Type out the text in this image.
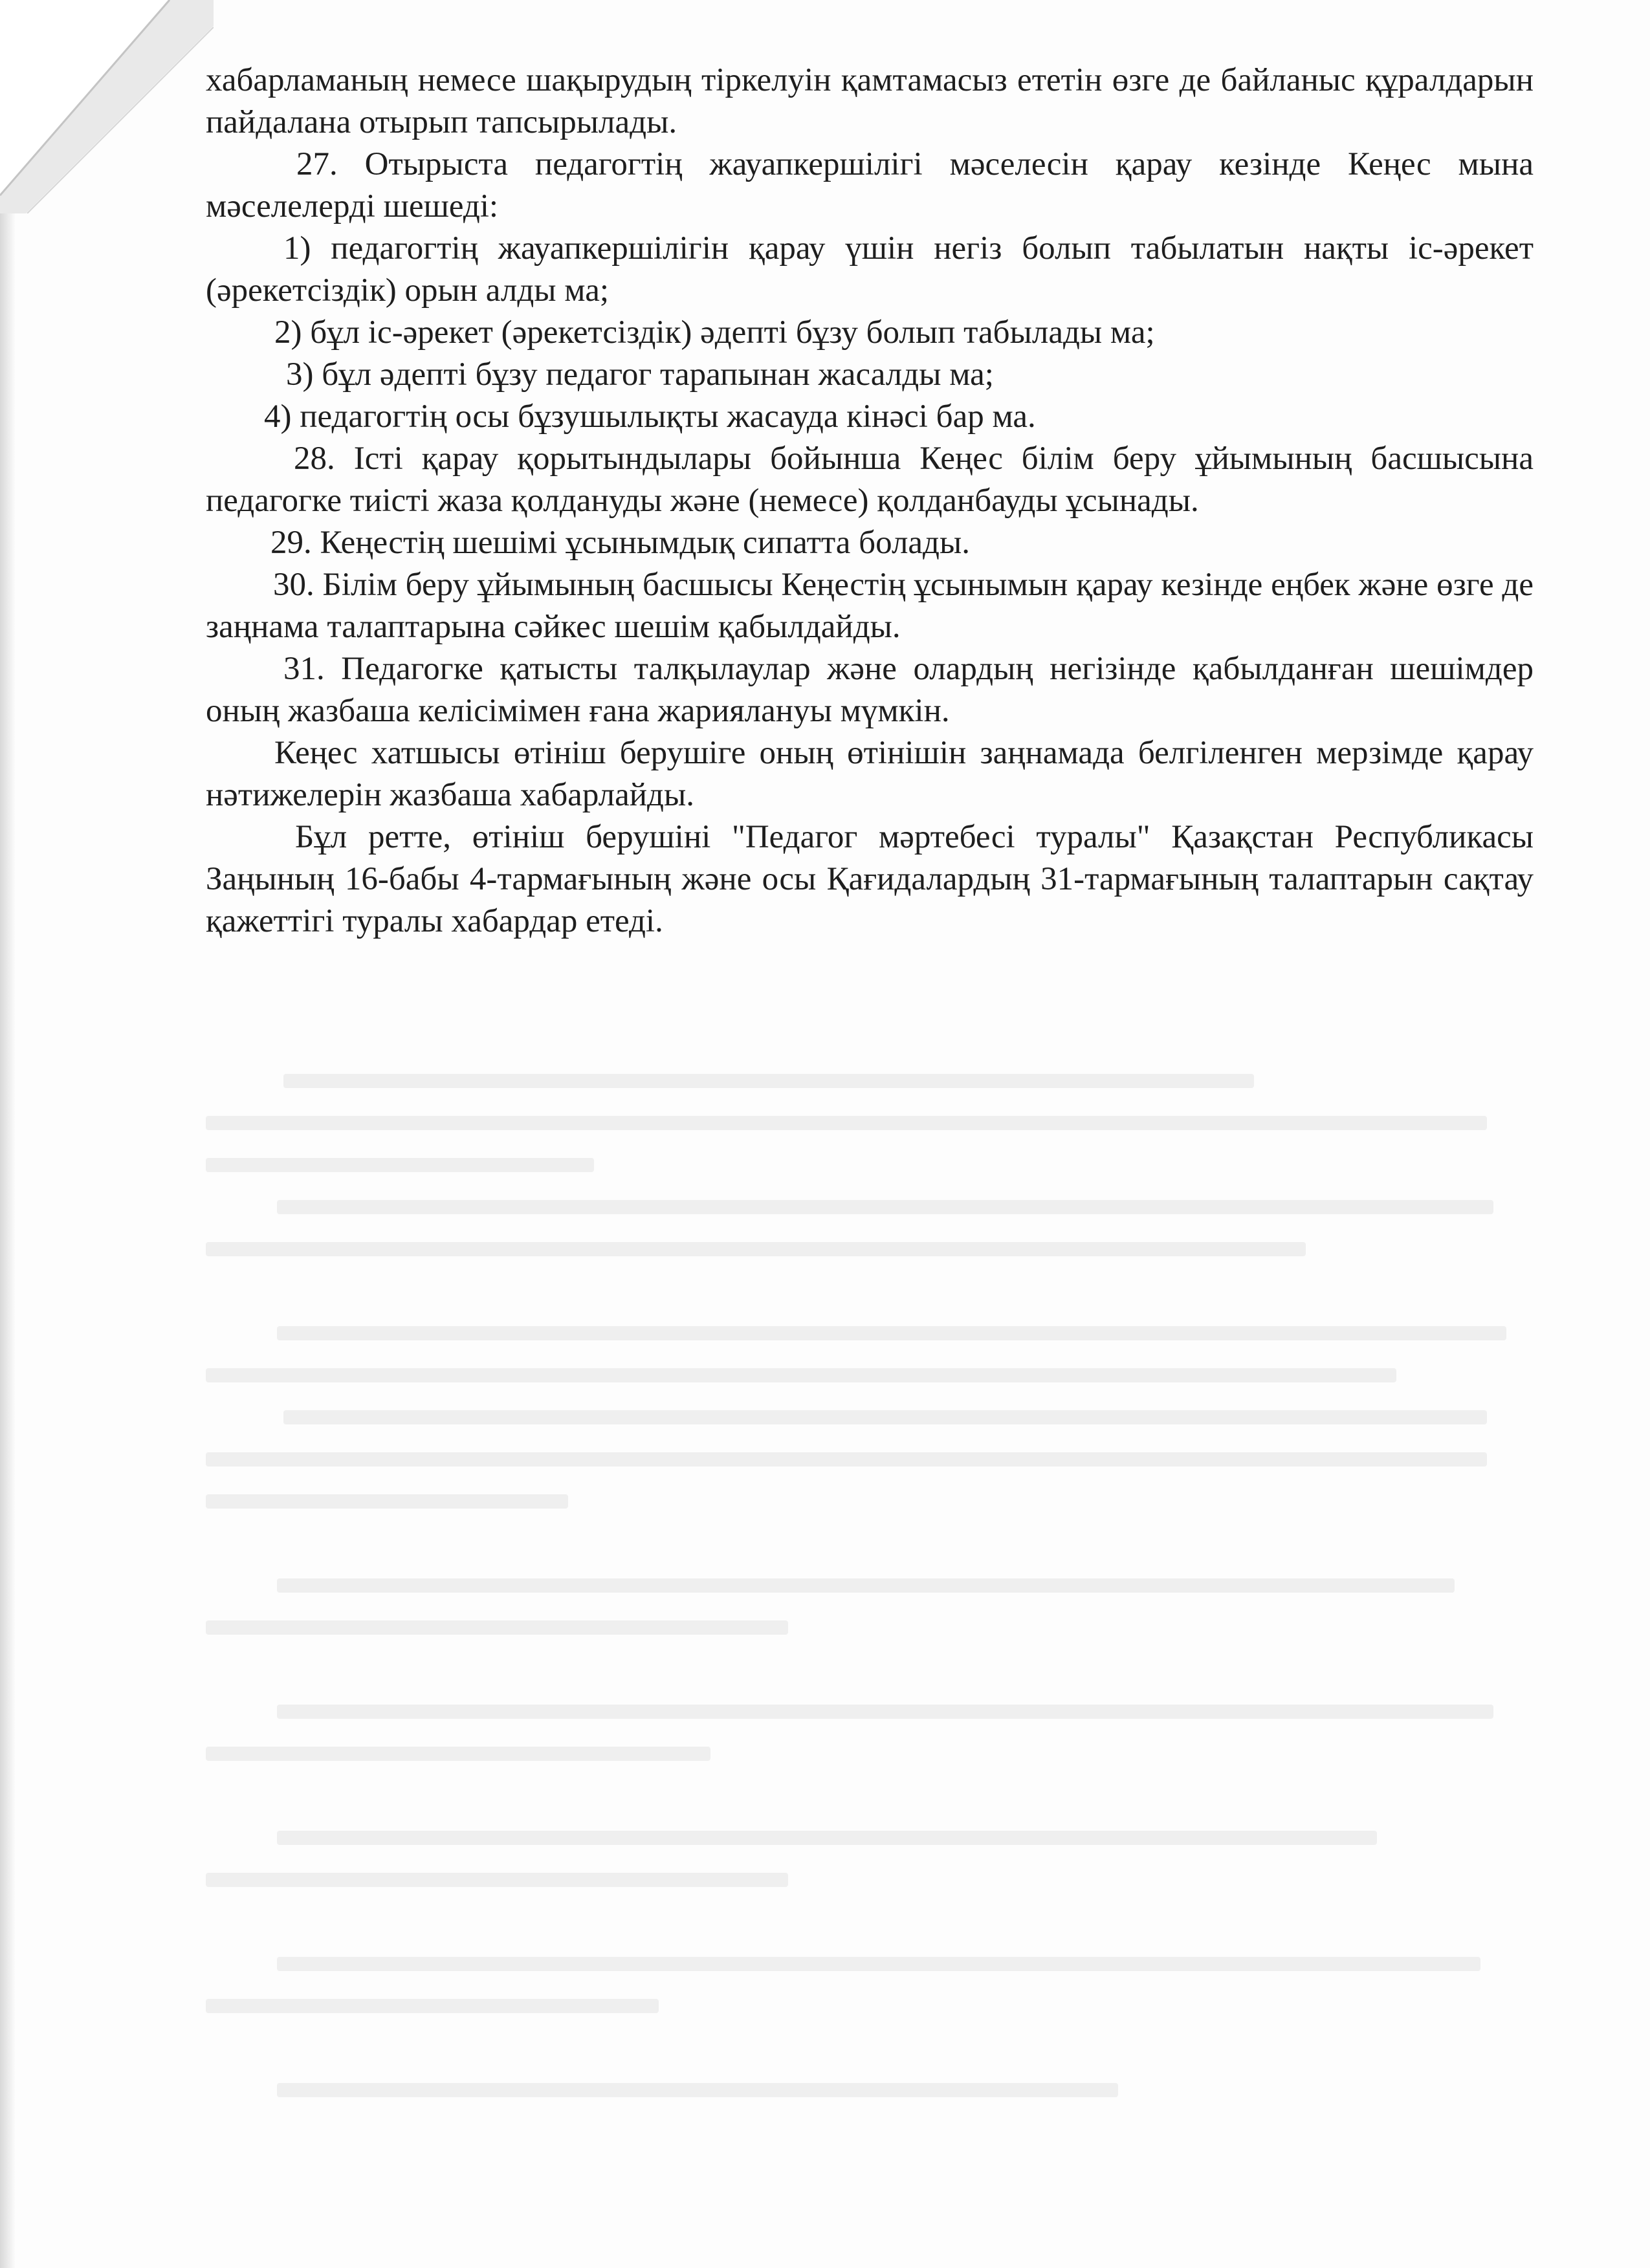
хабарламаның немесе шақырудың тіркелуін қамтамасыз ететін өзге де байланыс құралдарын пайдалана отырып тапсырылады.

27. Отырыста педагогтің жауапкершілігі мәселесін қарау кезінде Кеңес мына мәселелерді шешеді:

1) педагогтің жауапкершілігін қарау үшін негіз болып табылатын нақты іс-әрекет (әрекетсіздік) орын алды ма;

2) бұл іс-әрекет (әрекетсіздік) әдепті бұзу болып табылады ма;

3) бұл әдепті бұзу педагог тарапынан жасалды ма;

4) педагогтің осы бұзушылықты жасауда кінәсі бар ма.

28. Істі қарау қорытындылары бойынша Кеңес білім беру ұйымының басшысына педагогке тиісті жаза қолдануды және (немесе) қолданбауды ұсынады.

29. Кеңестің шешімі ұсынымдық сипатта болады.

30. Білім беру ұйымының басшысы Кеңестің ұсынымын қарау кезінде еңбек және өзге де заңнама талаптарына сәйкес шешім қабылдайды.

31. Педагогке қатысты талқылаулар және олардың негізінде қабылданған шешімдер оның жазбаша келісімімен ғана жариялануы мүмкін.

Кеңес хатшысы өтініш берушіге оның өтінішін заңнамада белгіленген мерзімде қарау нәтижелерін жазбаша хабарлайды.

Бұл ретте, өтініш берушіні "Педагог мәртебесі туралы" Қазақстан Республикасы Заңының 16-бабы 4-тармағының және осы Қағидалардың 31-тармағының талаптарын сақтау қажеттігі туралы хабардар етеді.
